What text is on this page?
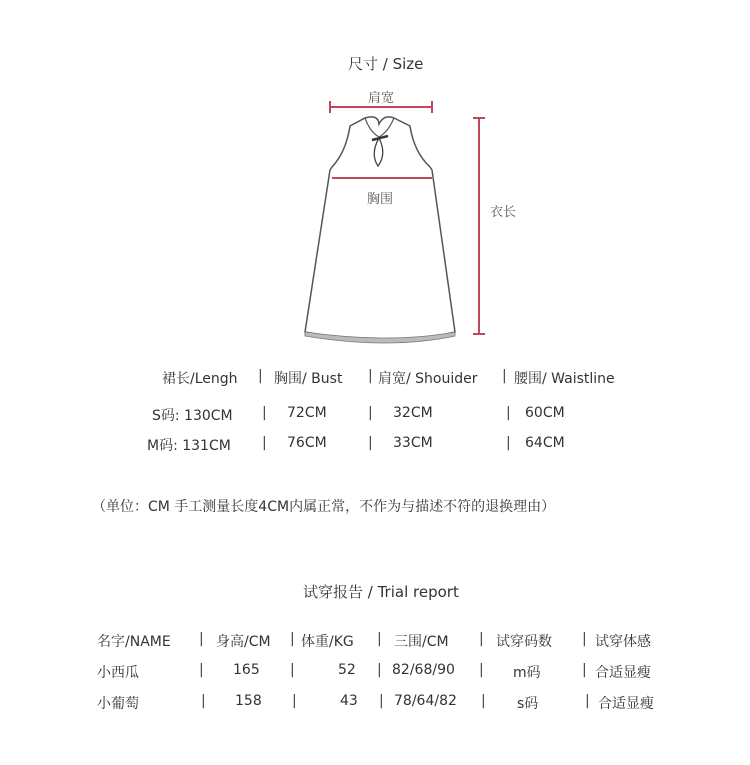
尺寸 / Size
肩宽
胸围
衣长
裙长/Lengh | 胸围/ Bust | 肩宽/ Shouider | 腰围/ Waistline
S码: 130CM | 72CM	| 32CM	| 60CM
M码: 131CM | 76CM	| 33CM	| 64CM
（单位：CM 手工测量长度4CM内属正常，不作为与描述不符的退换理由）
试穿报告 / Trial report
名字/NAME | 身高/CM | 体重/KG | 三围/CM | 试穿码数 | 试穿体感
小西瓜	| 165 |	52 | 82/68/90 | m码	| 合适显瘦
小葡萄	| 158 |	43 | 78/64/82 | s码	| 合适显瘦
